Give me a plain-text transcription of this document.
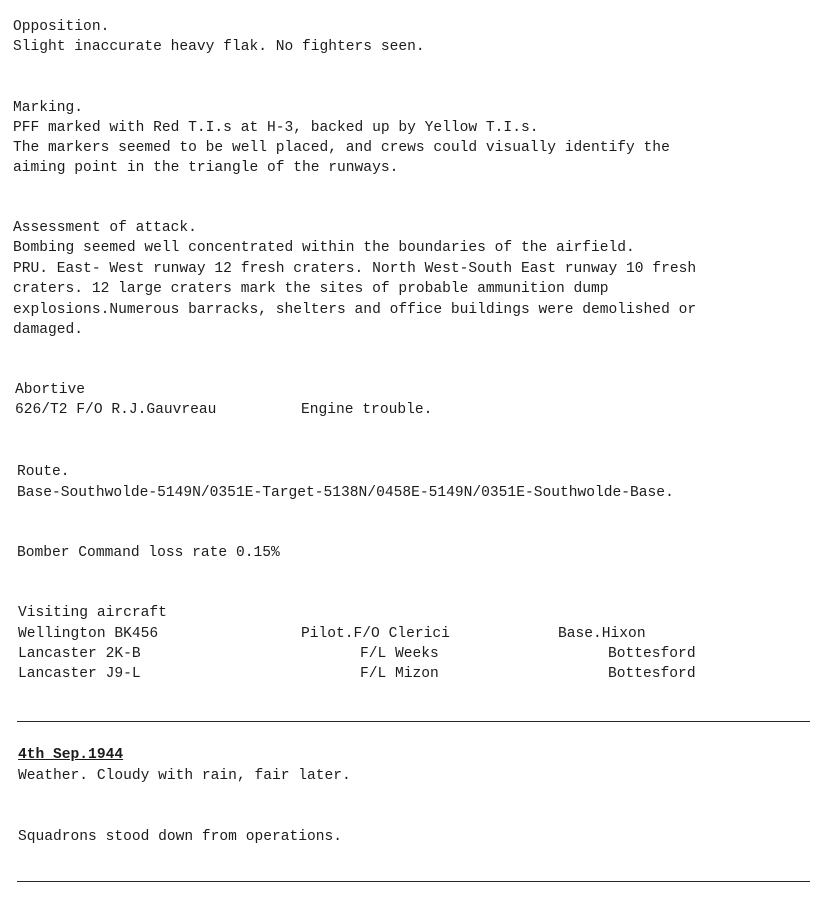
Opposition.
Slight inaccurate heavy flak. No fighters seen.
Marking.
PFF marked with Red T.I.s at H-3, backed up by Yellow T.I.s.
The markers seemed to be well placed, and crews could visually identify the
aiming point in the triangle of the runways.
Assessment of attack.
Bombing seemed well concentrated within the boundaries of the airfield.
PRU. East- West runway 12 fresh craters. North West-South East runway 10 fresh
craters. 12 large craters mark the sites of probable ammunition dump
explosions.Numerous barracks, shelters and office buildings were demolished or
damaged.
Abortive
626/T2 F/O R.J.Gauvreau	Engine trouble.
Route.
Base-Southwolde-5149N/0351E-Target-5138N/0458E-5149N/0351E-Southwolde-Base.
Bomber Command loss rate 0.15%
Visiting aircraft
Wellington BK456	Pilot.F/O Clerici	Base.Hixon
Lancaster 2K-B	F/L Weeks	Bottesford
Lancaster J9-L	F/L Mizon	Bottesford
4th Sep.1944
Weather. Cloudy with rain, fair later.
Squadrons stood down from operations.
